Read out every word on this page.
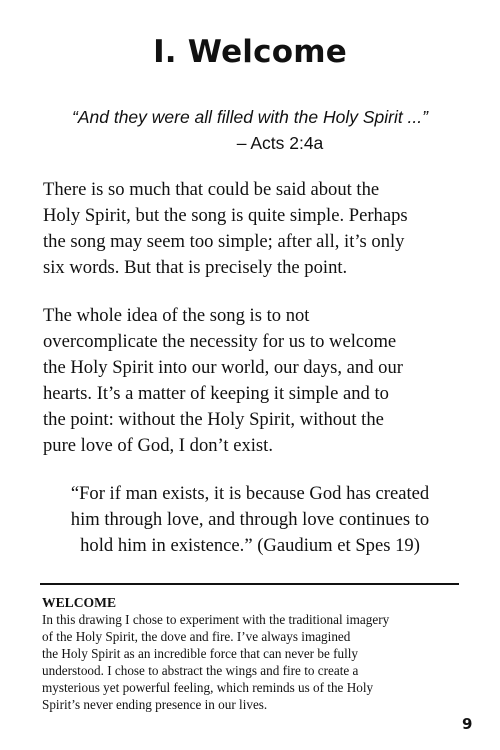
I. Welcome
“And they were all filled with the Holy Spirit ...”
– Acts 2:4a

There is so much that could be said about the
Holy Spirit, but the song is quite simple. Perhaps
the song may seem too simple; after all, it’s only
six words. But that is precisely the point.

The whole idea of the song is to not
overcomplicate the necessity for us to welcome
the Holy Spirit into our world, our days, and our
hearts. It’s a matter of keeping it simple and to
the point: without the Holy Spirit, without the
pure love of God, I don’t exist.

“For if man exists, it is because God has created
him through love, and through love continues to
hold him in existence.” (Gaudium et Spes 19)
WELCOME
In this drawing I chose to experiment with the traditional imagery
of the Holy Spirit, the dove and fire. I’ve always imagined
the Holy Spirit as an incredible force that can never be fully
understood. I chose to abstract the wings and fire to create a
mysterious yet powerful feeling, which reminds us of the Holy
Spirit’s never ending presence in our lives.
9
